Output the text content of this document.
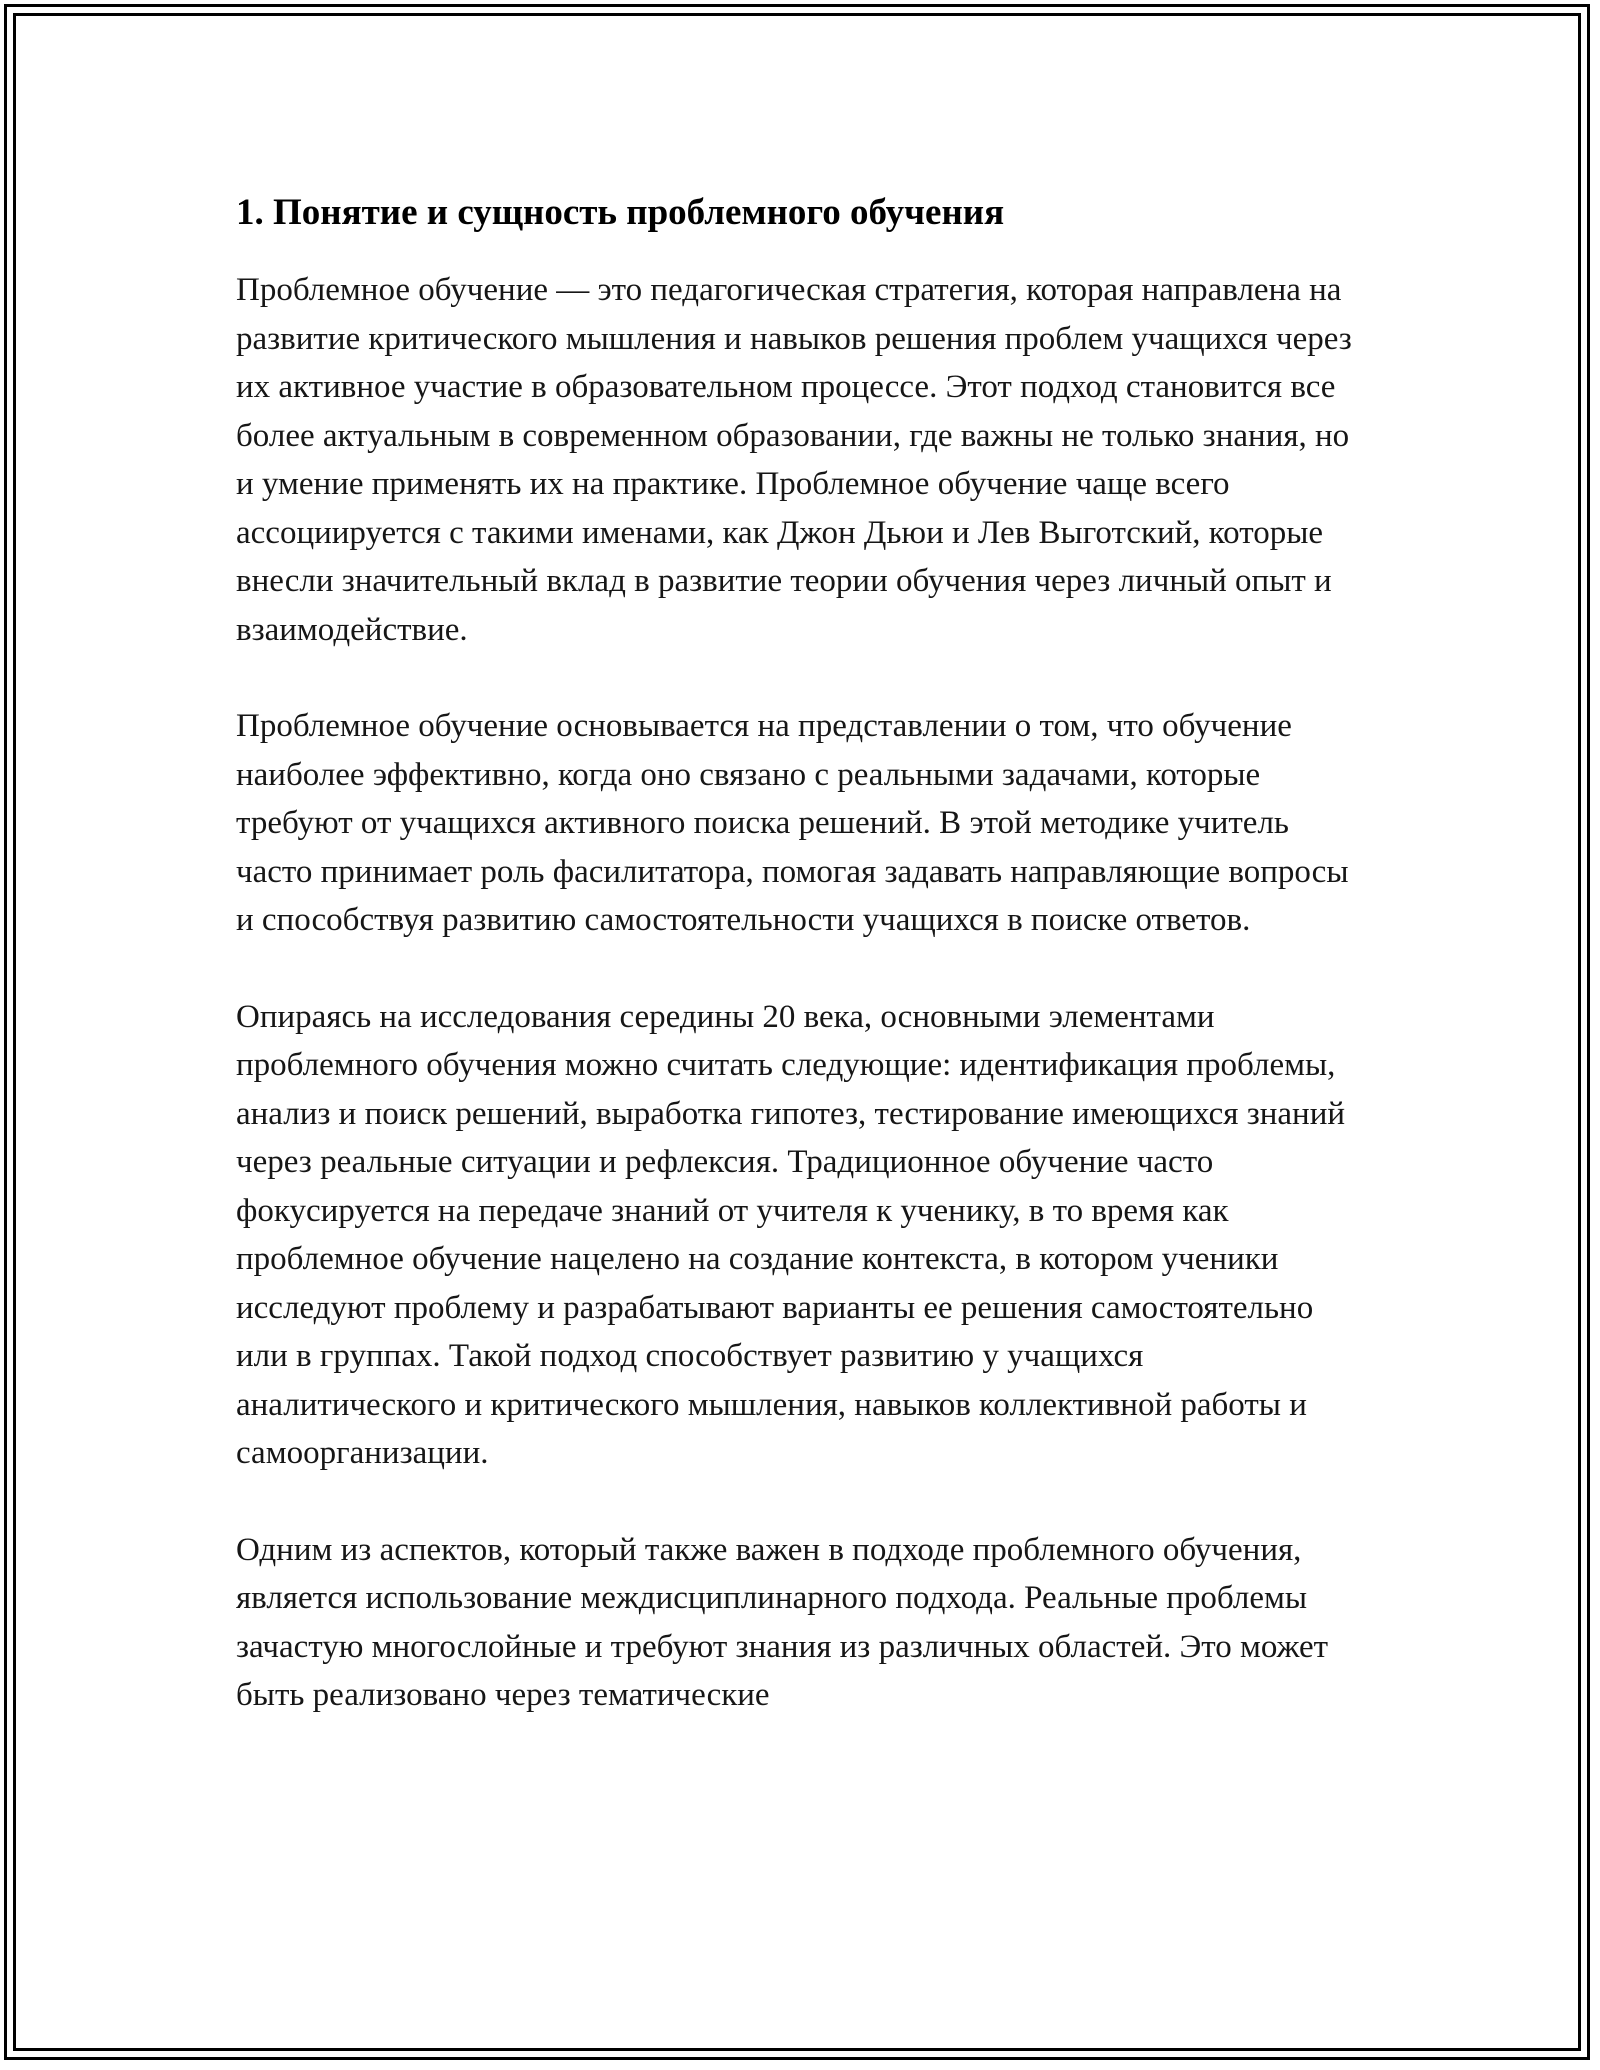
1. Понятие и сущность проблемного обучения

Проблемное обучение — это педагогическая стратегия, которая направлена на развитие критического мышления и навыков решения проблем учащихся через их активное участие в образовательном процессе. Этот подход становится все более актуальным в современном образовании, где важны не только знания, но и умение применять их на практике. Проблемное обучение чаще всего ассоциируется с такими именами, как Джон Дьюи и Лев Выготский, которые внесли значительный вклад в развитие теории обучения через личный опыт и взаимодействие.

Проблемное обучение основывается на представлении о том, что обучение наиболее эффективно, когда оно связано с реальными задачами, которые требуют от учащихся активного поиска решений. В этой методике учитель часто принимает роль фасилитатора, помогая задавать направляющие вопросы и способствуя развитию самостоятельности учащихся в поиске ответов.

Опираясь на исследования середины 20 века, основными элементами проблемного обучения можно считать следующие: идентификация проблемы, анализ и поиск решений, выработка гипотез, тестирование имеющихся знаний через реальные ситуации и рефлексия. Традиционное обучение часто фокусируется на передаче знаний от учителя к ученику, в то время как проблемное обучение нацелено на создание контекста, в котором ученики исследуют проблему и разрабатывают варианты ее решения самостоятельно или в группах. Такой подход способствует развитию у учащихся аналитического и критического мышления, навыков коллективной работы и самоорганизации.

Одним из аспектов, который также важен в подходе проблемного обучения, является использование междисциплинарного подхода. Реальные проблемы зачастую многослойные и требуют знания из различных областей. Это может быть реализовано через тематические
